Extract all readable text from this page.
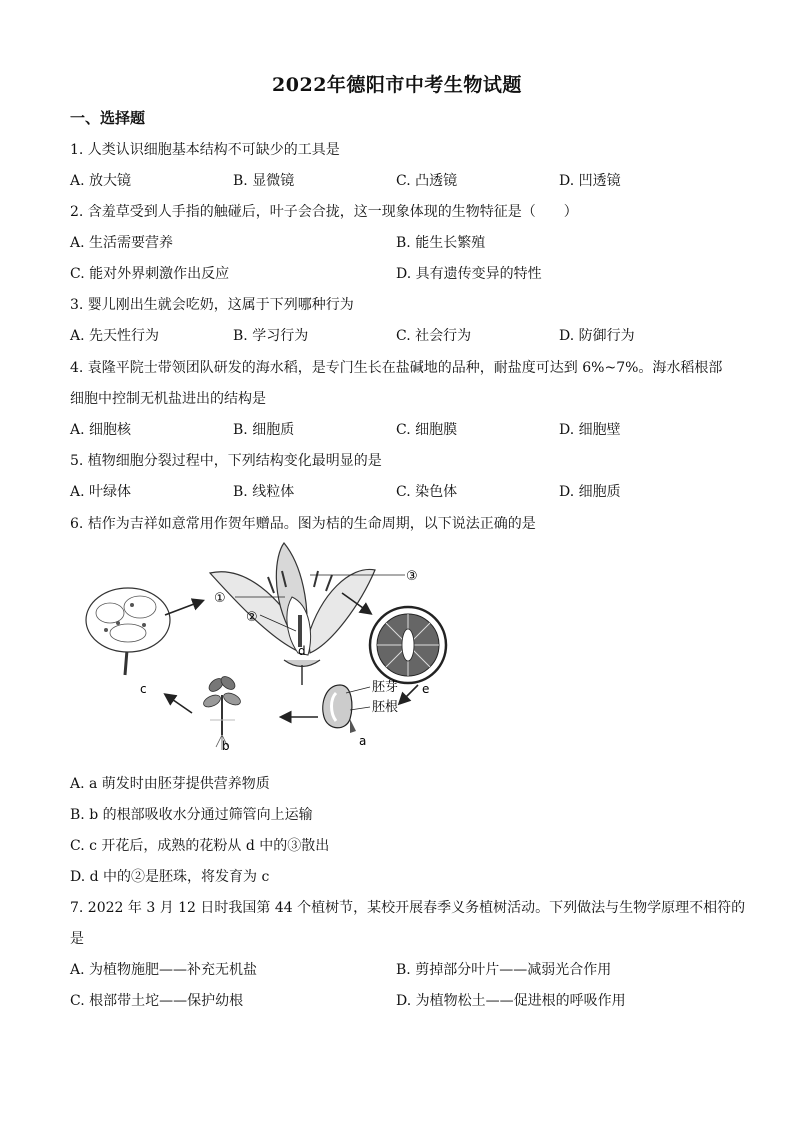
2022年德阳市中考生物试题
一、选择题
1. 人类认识细胞基本结构不可缺少的工具是
A. 放大镜	B. 显微镜	C. 凸透镜	D. 凹透镜
2. 含羞草受到人手指的触碰后，叶子会合拢，这一现象体现的生物特征是（　　）
A. 生活需要营养	B. 能生长繁殖
C. 能对外界刺激作出反应	D. 具有遗传变异的特性
3. 婴儿刚出生就会吃奶，这属于下列哪种行为
A. 先天性行为	B. 学习行为	C. 社会行为	D. 防御行为
4. 袁隆平院士带领团队研发的海水稻，是专门生长在盐碱地的品种，耐盐度可达到 6%~7%。海水稻根部
细胞中控制无机盐进出的结构是
A. 细胞核	B. 细胞质	C. 细胞膜	D. 细胞壁
5. 植物细胞分裂过程中，下列结构变化最明显的是
A. 叶绿体	B. 线粒体	C. 染色体	D. 细胞质
6. 桔作为吉祥如意常用作贺年赠品。图为桔的生命周期，以下说法正确的是
①
②
③
d
e
c
b	a
胚芽
胚根
A. a 萌发时由胚芽提供营养物质
B. b 的根部吸收水分通过筛管向上运输
C. c 开花后，成熟的花粉从 d 中的③散出
D. d 中的②是胚珠，将发育为 c
7. 2022 年 3 月 12 日时我国第 44 个植树节，某校开展春季义务植树活动。下列做法与生物学原理不相符的
是
A. 为植物施肥——补充无机盐	B. 剪掉部分叶片——减弱光合作用
C. 根部带土坨——保护幼根	D. 为植物松土——促进根的呼吸作用
